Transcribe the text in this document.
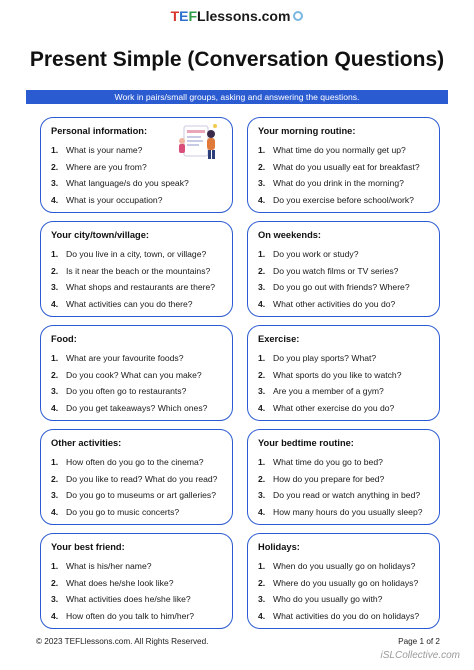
TEFLlessons.com
Present Simple (Conversation Questions)
Work in pairs/small groups, asking and answering the questions.
Personal information:
1. What is your name?
2. Where are you from?
3. What language/s do you speak?
4. What is your occupation?
Your morning routine:
1. What time do you normally get up?
2. What do you usually eat for breakfast?
3. What do you drink in the morning?
4. Do you exercise before school/work?
Your city/town/village:
1. Do you live in a city, town, or village?
2. Is it near the beach or the mountains?
3. What shops and restaurants are there?
4. What activities can you do there?
On weekends:
1. Do you work or study?
2. Do you watch films or TV series?
3. Do you go out with friends? Where?
4. What other activities do you do?
Food:
1. What are your favourite foods?
2. Do you cook? What can you make?
3. Do you often go to restaurants?
4. Do you get takeaways? Which ones?
Exercise:
1. Do you play sports? What?
2. What sports do you like to watch?
3. Are you a member of a gym?
4. What other exercise do you do?
Other activities:
1. How often do you go to the cinema?
2. Do you like to read? What do you read?
3. Do you go to museums or art galleries?
4. Do you go to music concerts?
Your bedtime routine:
1. What time do you go to bed?
2. How do you prepare for bed?
3. Do you read or watch anything in bed?
4. How many hours do you usually sleep?
Your best friend:
1. What is his/her name?
2. What does he/she look like?
3. What activities does he/she like?
4. How often do you talk to him/her?
Holidays:
1. When do you usually go on holidays?
2. Where do you usually go on holidays?
3. Who do you usually go with?
4. What activities do you do on holidays?
© 2023 TEFLlessons.com. All Rights Reserved.	Page 1 of 2
iSLCollective.com
